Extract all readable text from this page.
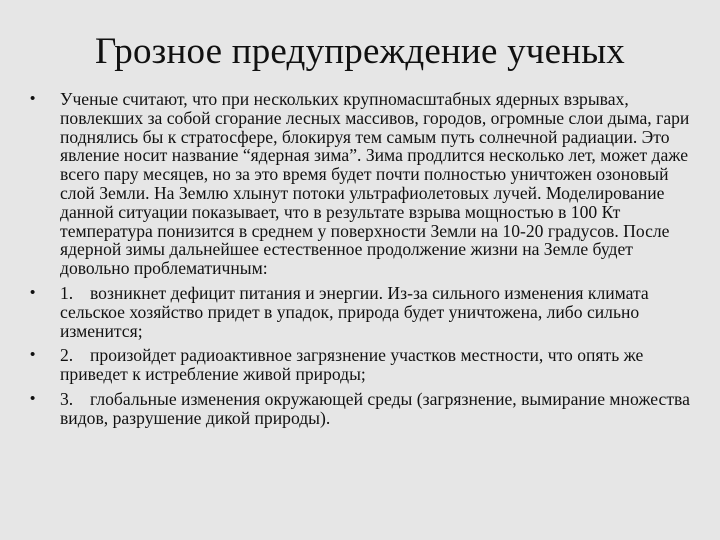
Грозное предупреждение ученых
• Ученые считают, что при нескольких крупномасштабных ядерных взрывах, повлекших за собой сгорание лесных массивов, городов, огромные слои дыма, гари поднялись бы к стратосфере, блокируя тем самым путь солнечной радиации. Это явление носит название “ядерная зима”. Зима продлится несколько лет, может даже всего пару месяцев, но за это время будет почти полностью уничтожен озоновый слой Земли. На Землю хлынут потоки ультрафиолетовых лучей. Моделирование данной ситуации показывает, что в результате взрыва мощностью в 100 Кт температура понизится в среднем у поверхности Земли на 10-20 градусов. После ядерной зимы дальнейшее естественное продолжение жизни на Земле будет довольно проблематичным:
• 1. возникнет дефицит питания и энергии. Из-за сильного изменения климата сельское хозяйство придет в упадок, природа будет уничтожена, либо сильно изменится;
• 2. произойдет радиоактивное загрязнение участков местности, что опять же приведет к истребление живой природы;
• 3. глобальные изменения окружающей среды (загрязнение, вымирание множества видов, разрушение дикой природы).
